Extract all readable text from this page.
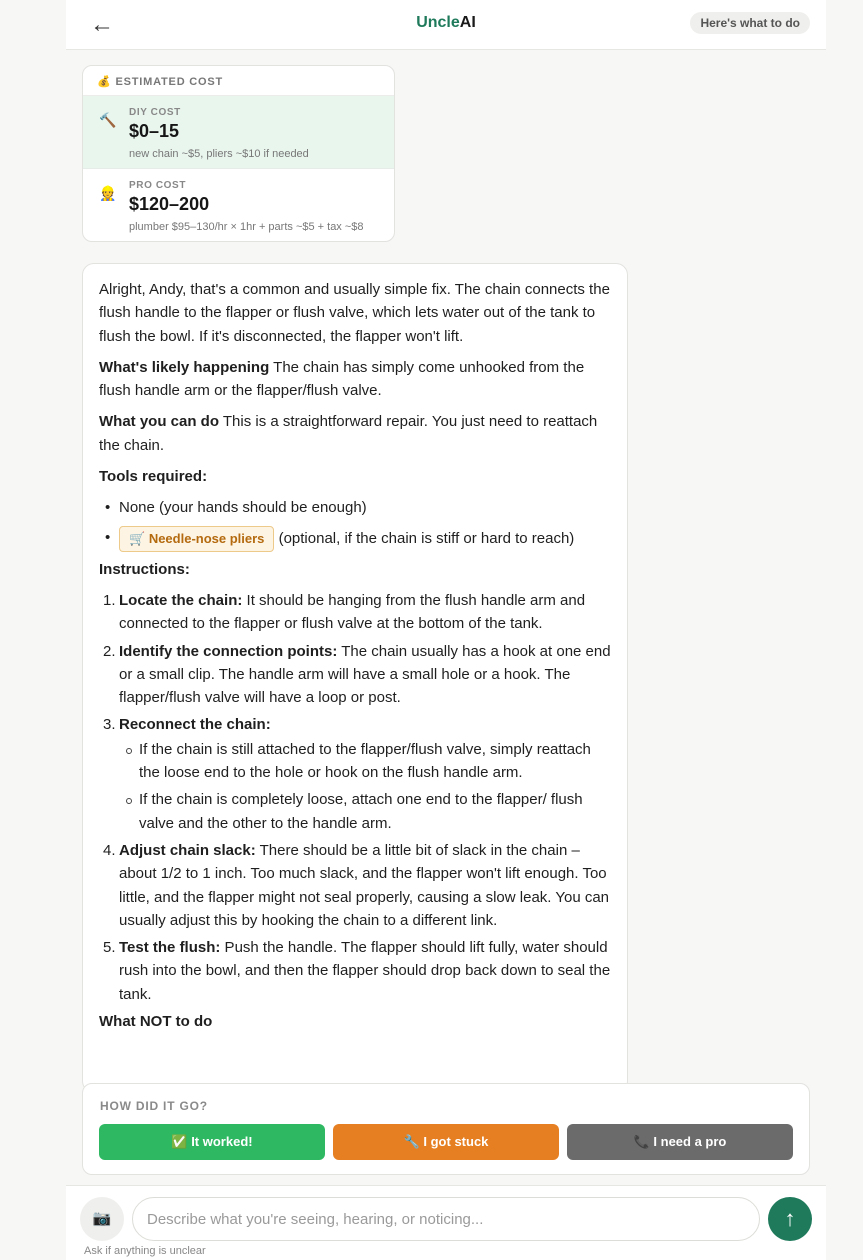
←	UncleAI	Here's what to do
💰 ESTIMATED COST
🔨 DIY COST
$0–15
new chain ~$5, pliers ~$10 if needed
👷 PRO COST
$120–200
plumber $95–130/hr × 1hr + parts ~$5 + tax ~$8

Alright, Andy, that's a common and usually simple fix. The chain connects the flush handle to the flapper or flush valve, which lets water out of the tank to flush the bowl. If it's disconnected, the flapper won't lift.

What's likely happening The chain has simply come unhooked from the flush handle arm or the flapper/flush valve.

What you can do This is a straightforward repair. You just need to reattach the chain.

Tools required:

• None (your hands should be enough)
• 🛒 Needle-nose pliers (optional, if the chain is stiff or hard to reach)

Instructions:

1. Locate the chain: It should be hanging from the flush handle arm and connected to the flapper or flush valve at the bottom of the tank.
2. Identify the connection points: The chain usually has a hook at one end or a small clip. The handle arm will have a small hole or a hook. The flapper/flush valve will have a loop or post.
3. Reconnect the chain:
If the chain is still attached to the flapper/flush valve, simply reattach the loose end to the hole or hook on the flush handle arm.
If the chain is completely loose, attach one end to the flapper/ flush valve and the other to the handle arm.
4. Adjust chain slack: There should be a little bit of slack in the chain – about 1/2 to 1 inch. Too much slack, and the flapper won't lift enough. Too little, and the flapper might not seal properly, causing a slow leak. You can usually adjust this by hooking the chain to a different link.
5. Test the flush: Push the handle. The flapper should lift fully, water should rush into the bowl, and then the flapper should drop back down to seal the tank.

What NOT to do

HOW DID IT GO?
✅ It worked!	🔧 I got stuck	📞 I need a pro
📷
Describe what you're seeing, hearing, or noticing...	↑
Ask if anything is unclear
